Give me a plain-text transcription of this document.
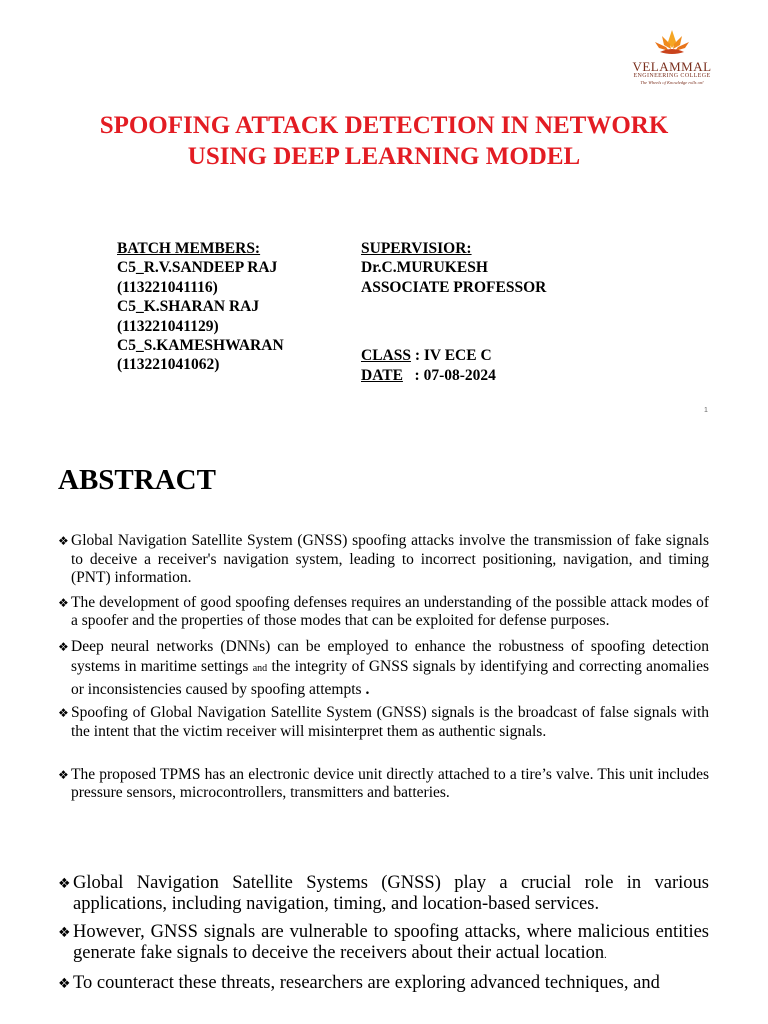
VELAMMAL
ENGINEERING COLLEGE
The Wheels of Knowledge rolls on!
SPOOFING ATTACK DETECTION IN NETWORK
USING DEEP LEARNING MODEL
BATCH MEMBERS:
C5_R.V.SANDEEP RAJ
(113221041116)
C5_K.SHARAN RAJ
(113221041129)
C5_S.KAMESHWARAN
(113221041062)
SUPERVISIOR:
Dr.C.MURUKESH
ASSOCIATE PROFESSOR
CLASS : IV ECE C
DATE   : 07-08-2024
1
ABSTRACT
❖ Global Navigation Satellite System (GNSS) spoofing attacks involve the transmission of fake signals to deceive a receiver's navigation system, leading to incorrect positioning, navigation, and timing (PNT) information.
❖ The development of good spoofing defenses requires an understanding of the possible attack modes of a spoofer and the properties of those modes that can be exploited for defense purposes.
❖ Deep neural networks (DNNs) can be employed to enhance the robustness of spoofing detection systems in maritime settings and the integrity of GNSS signals by identifying and correcting anomalies or inconsistencies caused by spoofing attempts .
❖ Spoofing of Global Navigation Satellite System (GNSS) signals is the broadcast of false signals with the intent that the victim receiver will misinterpret them as authentic signals.
❖ The proposed TPMS has an electronic device unit directly attached to a tire’s valve. This unit includes pressure sensors, microcontrollers, transmitters and batteries.
❖ Global Navigation Satellite Systems (GNSS) play a crucial role in various applications, including navigation, timing, and location-based services.
❖ However, GNSS signals are vulnerable to spoofing attacks, where malicious entities generate fake signals to deceive the receivers about their actual location.
❖ To counteract these threats, researchers are exploring advanced techniques, and
